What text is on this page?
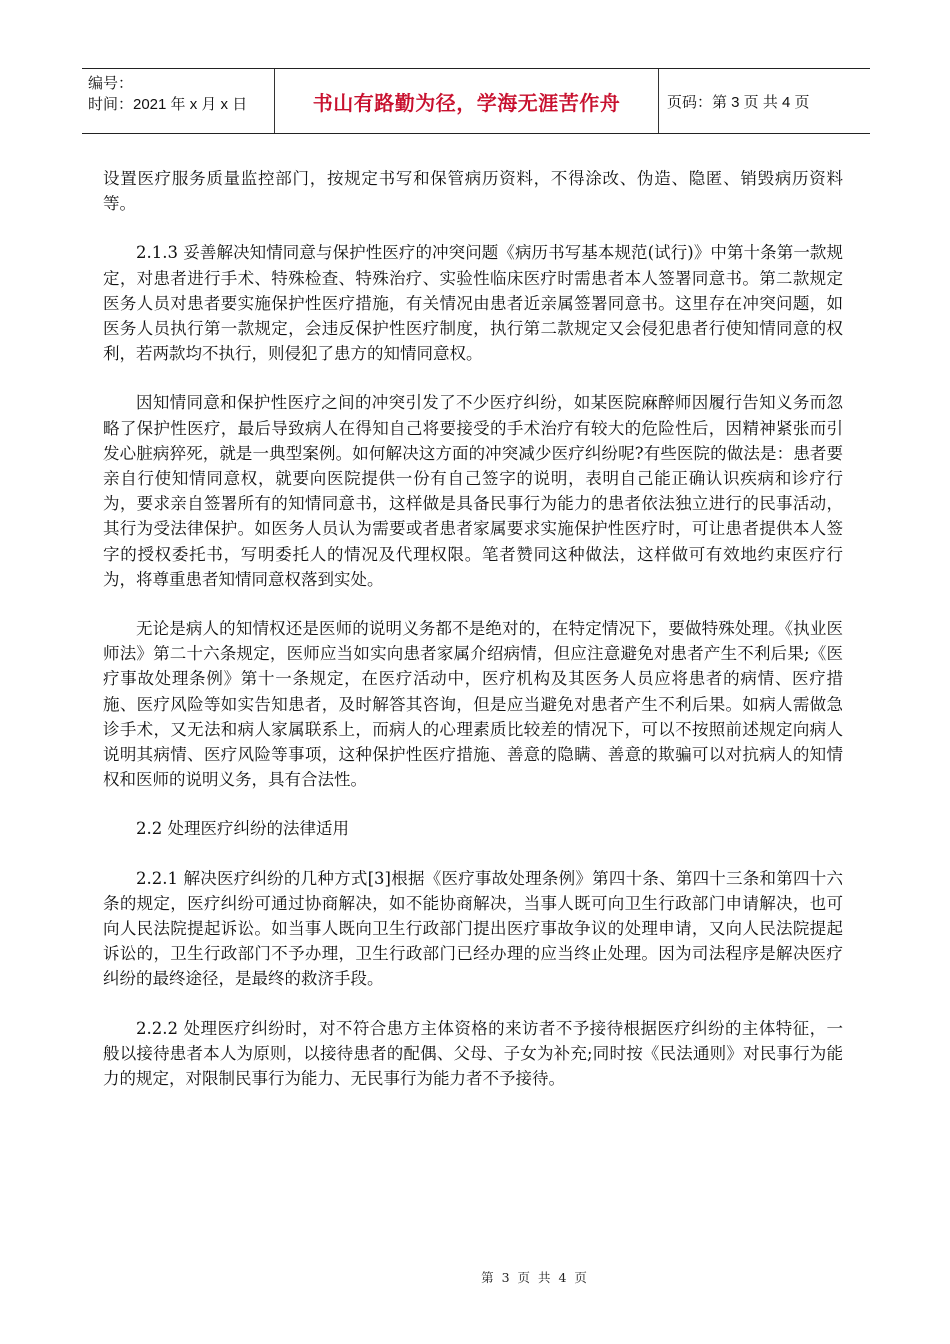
编号：
时间：2021 年 x 月 x 日	书山有路勤为径，学海无涯苦作舟	页码：第 3 页 共 4 页

设置医疗服务质量监控部门，按规定书写和保管病历资料，不得涂改、伪造、隐匿、销毁病历资料等。

2.1.3 妥善解决知情同意与保护性医疗的冲突问题《病历书写基本规范(试行)》中第十条第一款规定，对患者进行手术、特殊检查、特殊治疗、实验性临床医疗时需患者本人签署同意书。第二款规定医务人员对患者要实施保护性医疗措施，有关情况由患者近亲属签署同意书。这里存在冲突问题，如医务人员执行第一款规定，会违反保护性医疗制度，执行第二款规定又会侵犯患者行使知情同意的权利，若两款均不执行，则侵犯了患方的知情同意权。

因知情同意和保护性医疗之间的冲突引发了不少医疗纠纷，如某医院麻醉师因履行告知义务而忽略了保护性医疗，最后导致病人在得知自己将要接受的手术治疗有较大的危险性后，因精神紧张而引发心脏病猝死，就是一典型案例。如何解决这方面的冲突减少医疗纠纷呢?有些医院的做法是：患者要亲自行使知情同意权，就要向医院提供一份有自己签字的说明，表明自己能正确认识疾病和诊疗行为，要求亲自签署所有的知情同意书，这样做是具备民事行为能力的患者依法独立进行的民事活动，其行为受法律保护。如医务人员认为需要或者患者家属要求实施保护性医疗时，可让患者提供本人签字的授权委托书，写明委托人的情况及代理权限。笔者赞同这种做法，这样做可有效地约束医疗行为，将尊重患者知情同意权落到实处。

无论是病人的知情权还是医师的说明义务都不是绝对的，在特定情况下，要做特殊处理。《执业医师法》第二十六条规定，医师应当如实向患者家属介绍病情，但应注意避免对患者产生不利后果;《医疗事故处理条例》第十一条规定，在医疗活动中，医疗机构及其医务人员应将患者的病情、医疗措施、医疗风险等如实告知患者，及时解答其咨询，但是应当避免对患者产生不利后果。如病人需做急诊手术，又无法和病人家属联系上，而病人的心理素质比较差的情况下，可以不按照前述规定向病人说明其病情、医疗风险等事项，这种保护性医疗措施、善意的隐瞒、善意的欺骗可以对抗病人的知情权和医师的说明义务，具有合法性。

2.2 处理医疗纠纷的法律适用

2.2.1 解决医疗纠纷的几种方式[3]根据《医疗事故处理条例》第四十条、第四十三条和第四十六条的规定，医疗纠纷可通过协商解决，如不能协商解决，当事人既可向卫生行政部门申请解决，也可向人民法院提起诉讼。如当事人既向卫生行政部门提出医疗事故争议的处理申请，又向人民法院提起诉讼的，卫生行政部门不予办理，卫生行政部门已经办理的应当终止处理。因为司法程序是解决医疗纠纷的最终途径，是最终的救济手段。

2.2.2 处理医疗纠纷时，对不符合患方主体资格的来访者不予接待根据医疗纠纷的主体特征，一般以接待患者本人为原则，以接待患者的配偶、父母、子女为补充;同时按《民法通则》对民事行为能力的规定，对限制民事行为能力、无民事行为能力者不予接待。

第 3 页 共 4 页
